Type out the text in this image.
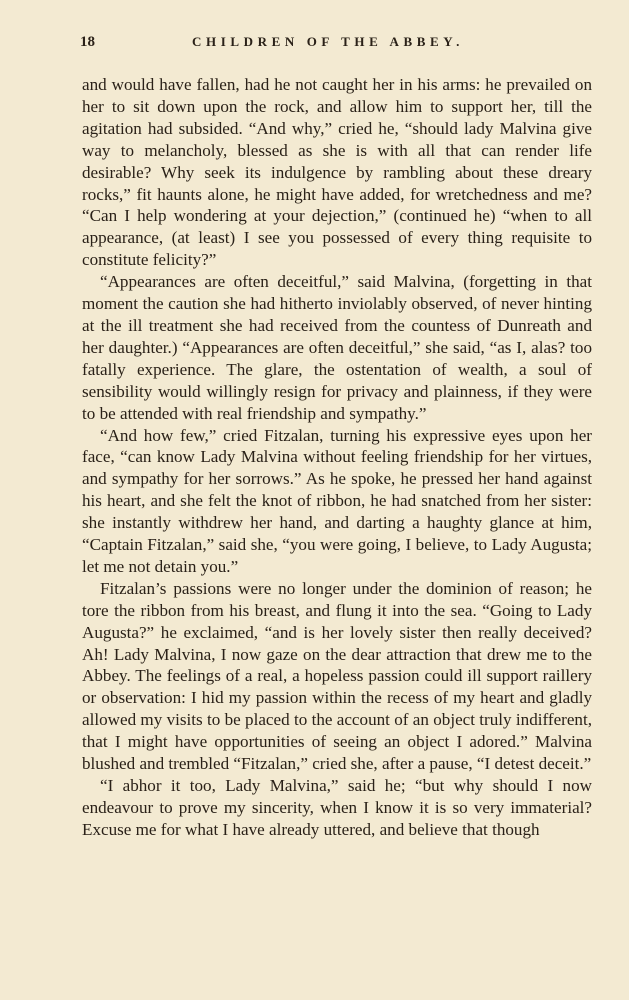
18	CHILDREN OF THE ABBEY.

and would have fallen, had he not caught her in his arms: he prevailed on her to sit down upon the rock, and allow him to support her, till the agitation had subsided. “And why,” cried he, “should lady Malvina give way to melancholy, blessed as she is with all that can render life desirable? Why seek its indulgence by rambling about these dreary rocks,” fit haunts alone, he might have added, for wretchedness and me? “Can I help wondering at your dejection,” (continued he) “when to all appearance, (at least) I see you possessed of every thing requisite to constitute felicity?”

“Appearances are often deceitful,” said Malvina, (forgetting in that moment the caution she had hitherto inviolably observed, of never hinting at the ill treatment she had received from the countess of Dunreath and her daughter.) “Appearances are often deceitful,” she said, “as I, alas? too fatally experience. The glare, the ostentation of wealth, a soul of sensibility would willingly resign for privacy and plainness, if they were to be attended with real friendship and sympathy.”

“And how few,” cried Fitzalan, turning his expressive eyes upon her face, “can know Lady Malvina without feeling friendship for her virtues, and sympathy for her sorrows.” As he spoke, he pressed her hand against his heart, and she felt the knot of ribbon, he had snatched from her sister: she instantly withdrew her hand, and darting a haughty glance at him, “Captain Fitzalan,” said she, “you were going, I believe, to Lady Augusta; let me not detain you.”

Fitzalan’s passions were no longer under the dominion of reason; he tore the ribbon from his breast, and flung it into the sea. “Going to Lady Augusta?” he exclaimed, “and is her lovely sister then really deceived? Ah! Lady Malvina, I now gaze on the dear attraction that drew me to the Abbey. The feelings of a real, a hopeless passion could ill support raillery or observation: I hid my passion within the recess of my heart and gladly allowed my visits to be placed to the account of an object truly indifferent, that I might have opportunities of seeing an object I adored.” Malvina blushed and trembled “Fitzalan,” cried she, after a pause, “I detest deceit.”

“I abhor it too, Lady Malvina,” said he; “but why should I now endeavour to prove my sincerity, when I know it is so very immaterial? Excuse me for what I have already uttered, and believe that though
